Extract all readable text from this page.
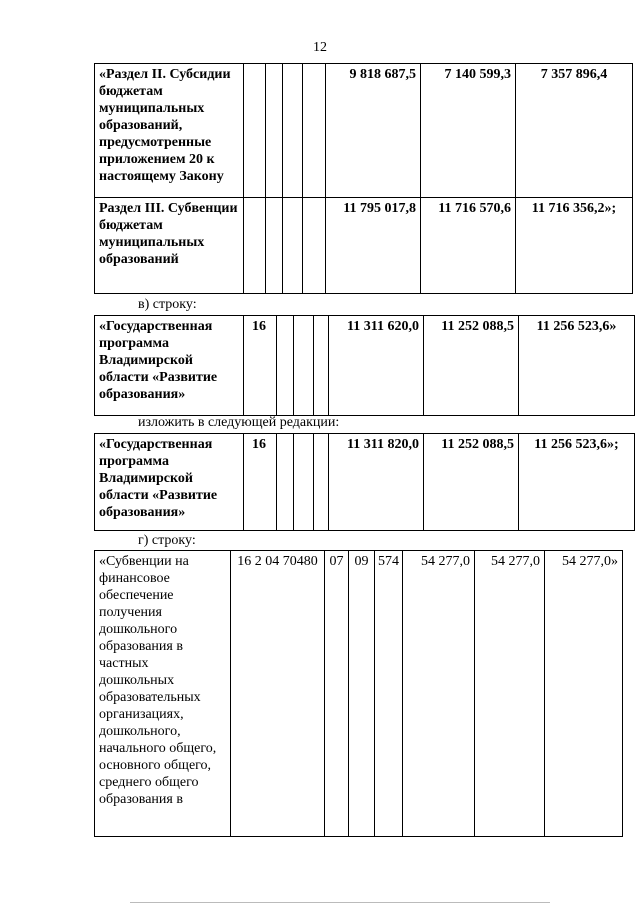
12
«Раздел II. Субсидии бюджетам муниципальных образований, предусмотренные приложением 20 к настоящему Закону					9 818 687,5	7 140 599,3	7 357 896,4
Раздел III. Субвенции бюджетам муниципальных образований					11 795 017,8	11 716 570,6	11 716 356,2»;
в) строку:
«Государственная программа Владимирской области «Развитие образования»	16				11 311 620,0	11 252 088,5	11 256 523,6»
изложить в следующей редакции:
«Государственная программа Владимирской области «Развитие образования»	16				11 311 820,0	11 252 088,5	11 256 523,6»;
г) строку:
«Субвенции на финансовое обеспечение получения дошкольного образования в частных дошкольных образовательных организациях, дошкольного, начального общего, основного общего, среднего общего образования в	16 2 04 70480	07	09	574	54 277,0	54 277,0	54 277,0»
